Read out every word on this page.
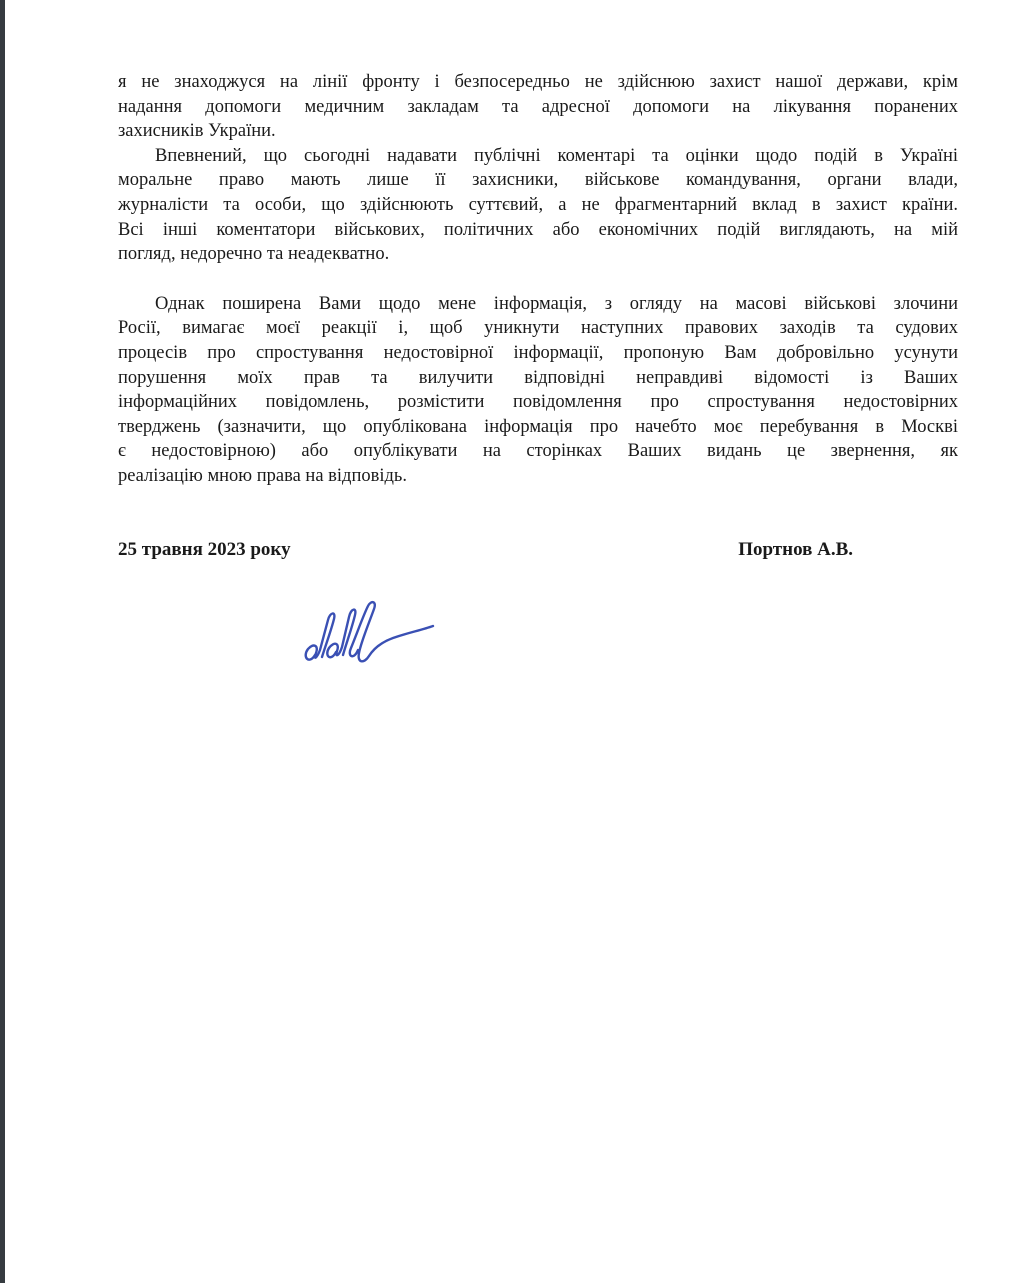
я не знаходжуся на лінії фронту і безпосередньо не здійснюю захист нашої держави, крім
надання допомоги медичним закладам та адресної допомоги на лікування поранених
захисників України.

Впевнений, що сьогодні надавати публічні коментарі та оцінки щодо подій в Україні
моральне право мають лише її захисники, військове командування, органи влади,
журналісти та особи, що здійснюють суттєвий, а не фрагментарний вклад в захист країни.
Всі інші коментатори військових, політичних або економічних подій виглядають, на мій
погляд, недоречно та неадекватно.

Однак поширена Вами щодо мене інформація, з огляду на масові військові злочини
Росії, вимагає моєї реакції і, щоб уникнути наступних правових заходів та судових
процесів про спростування недостовірної інформації, пропоную Вам добровільно усунути
порушення моїх прав та вилучити відповідні неправдиві відомості із Ваших
інформаційних повідомлень, розмістити повідомлення про спростування недостовірних
тверджень (зазначити, що опублікована інформація про начебто моє перебування в Москві
є недостовірною) або опублікувати на сторінках Ваших видань це звернення, як
реалізацію мною права на відповідь.

25 травня 2023 року	Портнов А.В.
